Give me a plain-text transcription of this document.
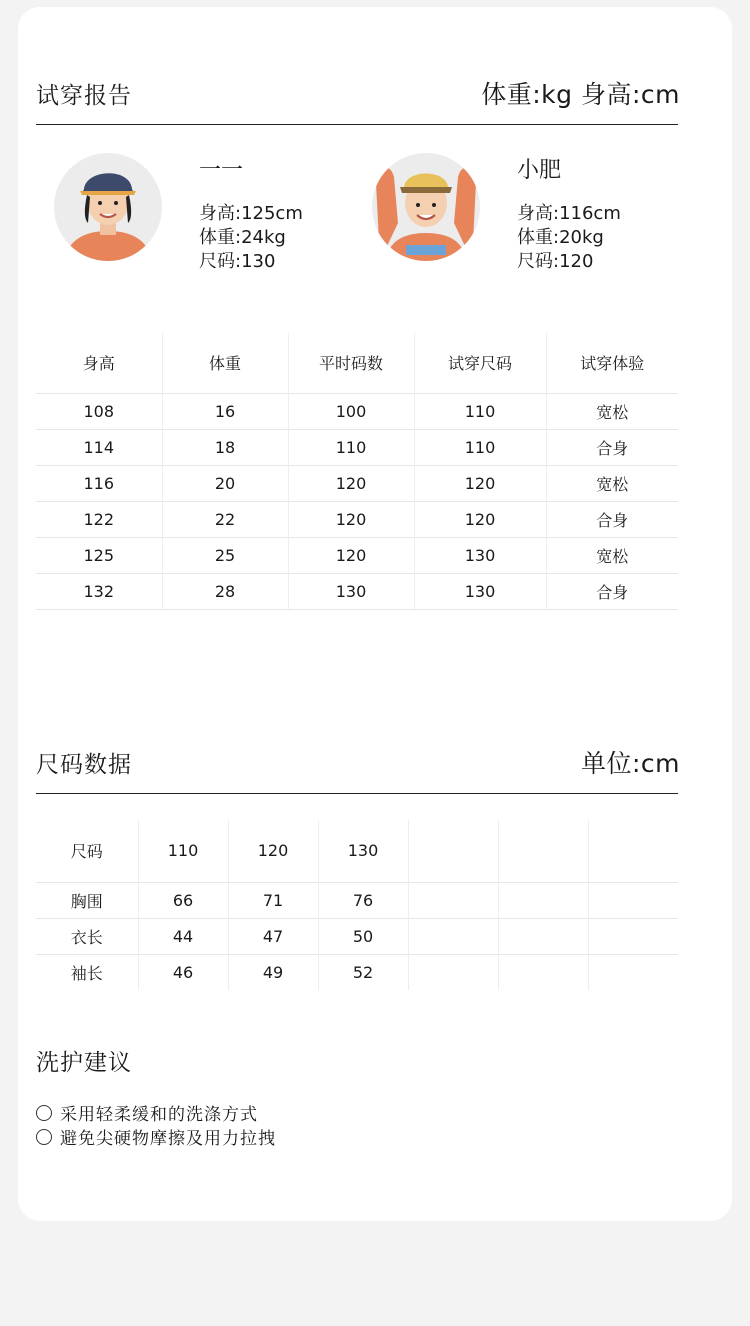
试穿报告	体重:kg 身高:cm
一一
身高:125cm
体重:24kg
尺码:130
小肥
身高:116cm
体重:20kg
尺码:120
身高	体重	平时码数	试穿尺码	试穿体验
108	16	100	110	宽松
114	18	110	110	合身
116	20	120	120	宽松
122	22	120	120	合身
125	25	120	130	宽松
132	28	130	130	合身
尺码数据	单位:cm
尺码	110	120	130			
胸围	66	71	76			
衣长	44	47	50			
袖长	46	49	52			
洗护建议
采用轻柔缓和的洗涤方式
避免尖硬物摩擦及用力拉拽
